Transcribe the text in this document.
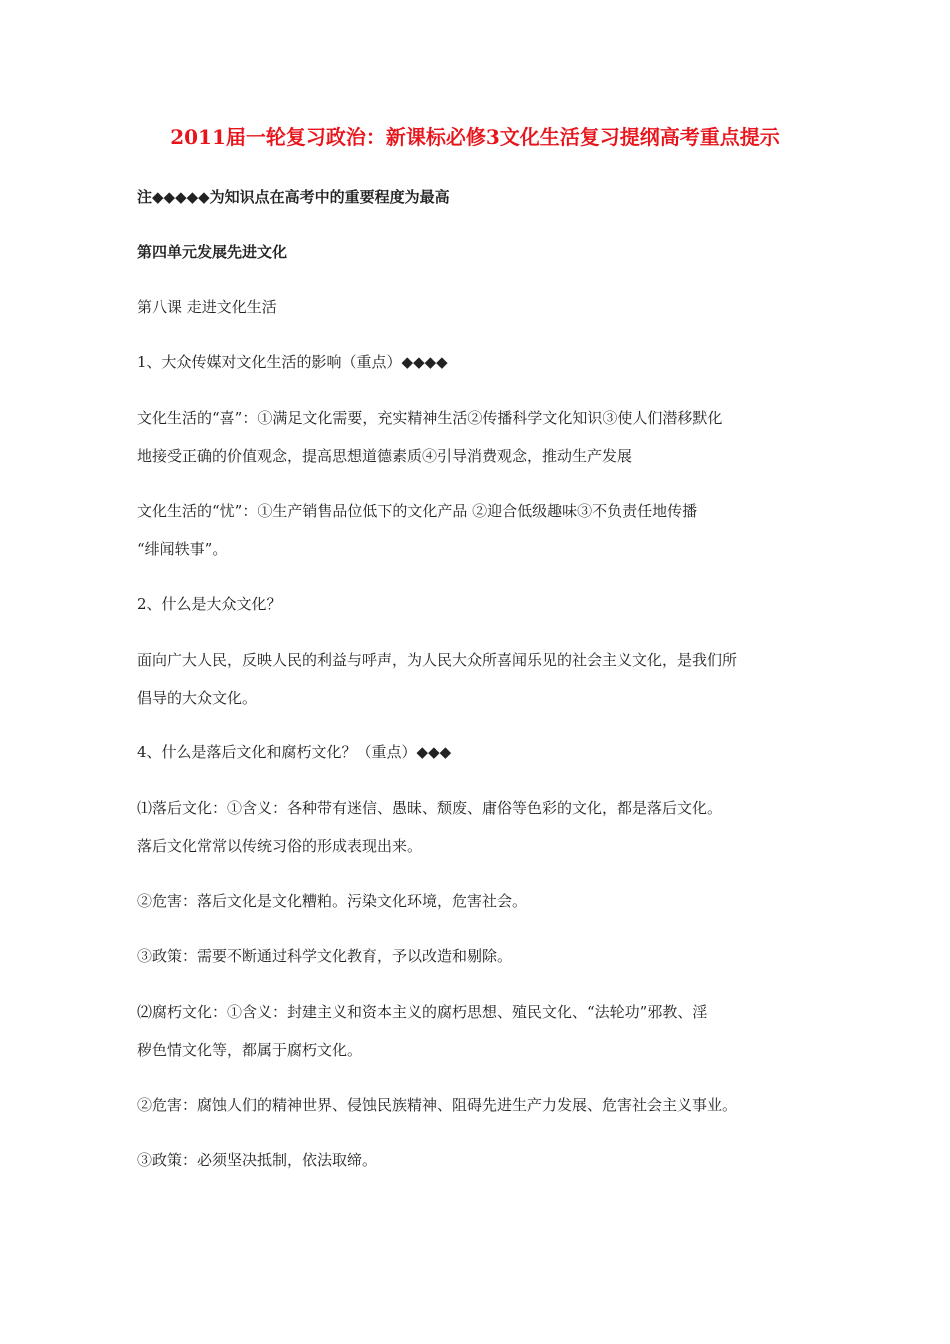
2011届一轮复习政治：新课标必修3文化生活复习提纲高考重点提示
注◆◆◆◆◆为知识点在高考中的重要程度为最高
第四单元发展先进文化
第八课 走进文化生活
1、大众传媒对文化生活的影响（重点）◆◆◆◆
文化生活的“喜”：①满足文化需要，充实精神生活②传播科学文化知识③使人们潜移默化
地接受正确的价值观念，提高思想道德素质④引导消费观念，推动生产发展
文化生活的“忧”：①生产销售品位低下的文化产品 ②迎合低级趣味③不负责任地传播
“绯闻轶事”。
2、什么是大众文化？
面向广大人民，反映人民的利益与呼声，为人民大众所喜闻乐见的社会主义文化，是我们所
倡导的大众文化。
4、什么是落后文化和腐朽文化？（重点）◆◆◆
⑴落后文化：①含义：各种带有迷信、愚昧、颓废、庸俗等色彩的文化，都是落后文化。
落后文化常常以传统习俗的形成表现出来。
②危害：落后文化是文化糟粕。污染文化环境，危害社会。
③政策：需要不断通过科学文化教育，予以改造和剔除。
⑵腐朽文化：①含义：封建主义和资本主义的腐朽思想、殖民文化、“法轮功”邪教、淫
秽色情文化等，都属于腐朽文化。
②危害：腐蚀人们的精神世界、侵蚀民族精神、阻碍先进生产力发展、危害社会主义事业。
③政策：必须坚决抵制，依法取缔。
